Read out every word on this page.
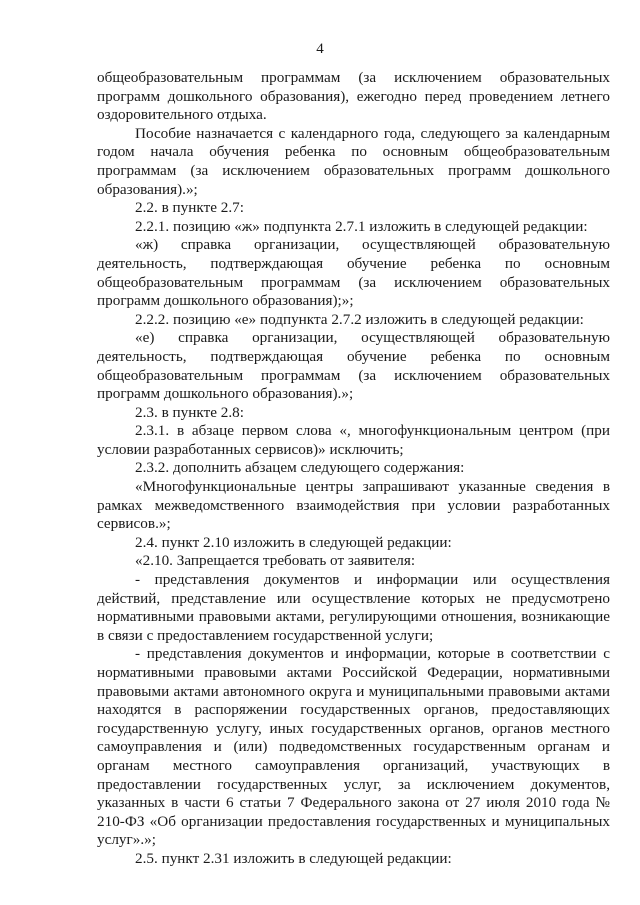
4

общеобразовательным программам (за исключением образовательных программ дошкольного образования), ежегодно перед проведением летнего оздоровительного отдыха.

Пособие назначается с календарного года, следующего за календарным годом начала обучения ребенка по основным общеобразовательным программам (за исключением образовательных программ дошкольного образования).»;

2.2. в пункте 2.7:

2.2.1. позицию «ж» подпункта 2.7.1 изложить в следующей редакции:

«ж) справка организации, осуществляющей образовательную деятельность, подтверждающая обучение ребенка по основным общеобразовательным программам (за исключением образовательных программ дошкольного образования);»;

2.2.2. позицию «е» подпункта 2.7.2 изложить в следующей редакции:

«е) справка организации, осуществляющей образовательную деятельность, подтверждающая обучение ребенка по основным общеобразовательным программам (за исключением образовательных программ дошкольного образования).»;

2.3. в пункте 2.8:

2.3.1. в абзаце первом слова «, многофункциональным центром (при условии разработанных сервисов)» исключить;

2.3.2. дополнить абзацем следующего содержания:

«Многофункциональные центры запрашивают указанные сведения в рамках межведомственного взаимодействия при условии разработанных сервисов.»;

2.4. пункт 2.10 изложить в следующей редакции:

«2.10. Запрещается требовать от заявителя:

- представления документов и информации или осуществления действий, представление или осуществление которых не предусмотрено нормативными правовыми актами, регулирующими отношения, возникающие в связи с предоставлением государственной услуги;

- представления документов и информации, которые в соответствии с нормативными правовыми актами Российской Федерации, нормативными правовыми актами автономного округа и муниципальными правовыми актами находятся в распоряжении государственных органов, предоставляющих государственную услугу, иных государственных органов, органов местного самоуправления и (или) подведомственных государственным органам и органам местного самоуправления организаций, участвующих в предоставлении государственных услуг, за исключением документов, указанных в части 6 статьи 7 Федерального закона от 27 июля 2010 года № 210-ФЗ «Об организации предоставления государственных и муниципальных услуг».»;

2.5. пункт 2.31 изложить в следующей редакции:
